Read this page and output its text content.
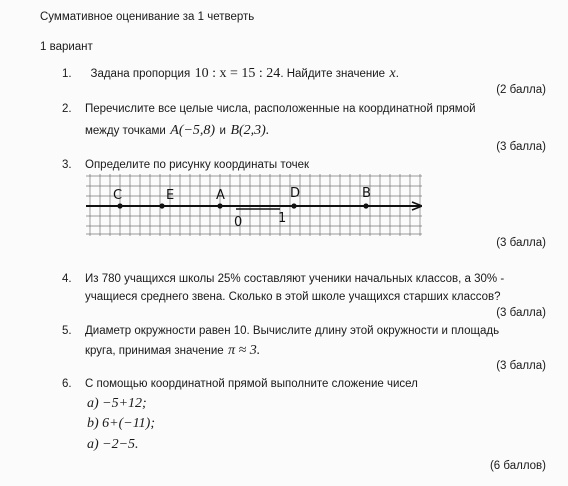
Суммативное оценивание за 1 четверть
1 вариант
1. Задана пропорция 10 : x = 15 : 24. Найдите значение x.
(2 балла)
2. Перечислите все целые числа, расположенные на координатной прямой
между точками A(−5,8) и B(2,3).
(3 балла)
3. Определите по рисунку координаты точек
C	E	A	D	B
0	1
(3 балла)
4. Из 780 учащихся школы 25% составляют ученики начальных классов, а 30% -
учащиеся среднего звена. Сколько в этой школе учащихся старших классов?
(3 балла)
5. Диаметр окружности равен 10. Вычислите длину этой окружности и площадь
круга, принимая значение π ≈ 3.
(3 балла)
6. С помощью координатной прямой выполните сложение чисел
a) −5+12;
b) 6+(−11);
a) −2−5.
(6 баллов)
